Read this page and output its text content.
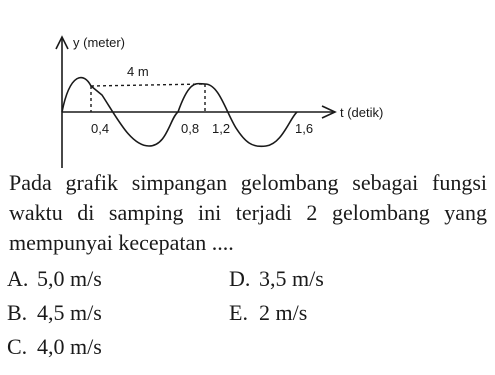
y (meter)
t (detik)
4 m
0,4	0,8 1,2	1,6

Pada grafik simpangan gelombang sebagai fungsi waktu di samping ini terjadi 2 gelombang yang mempunyai kecepatan ....

A. 5,0 m/s
B. 4,5 m/s
C. 4,0 m/s
D. 3,5 m/s
E. 2 m/s
